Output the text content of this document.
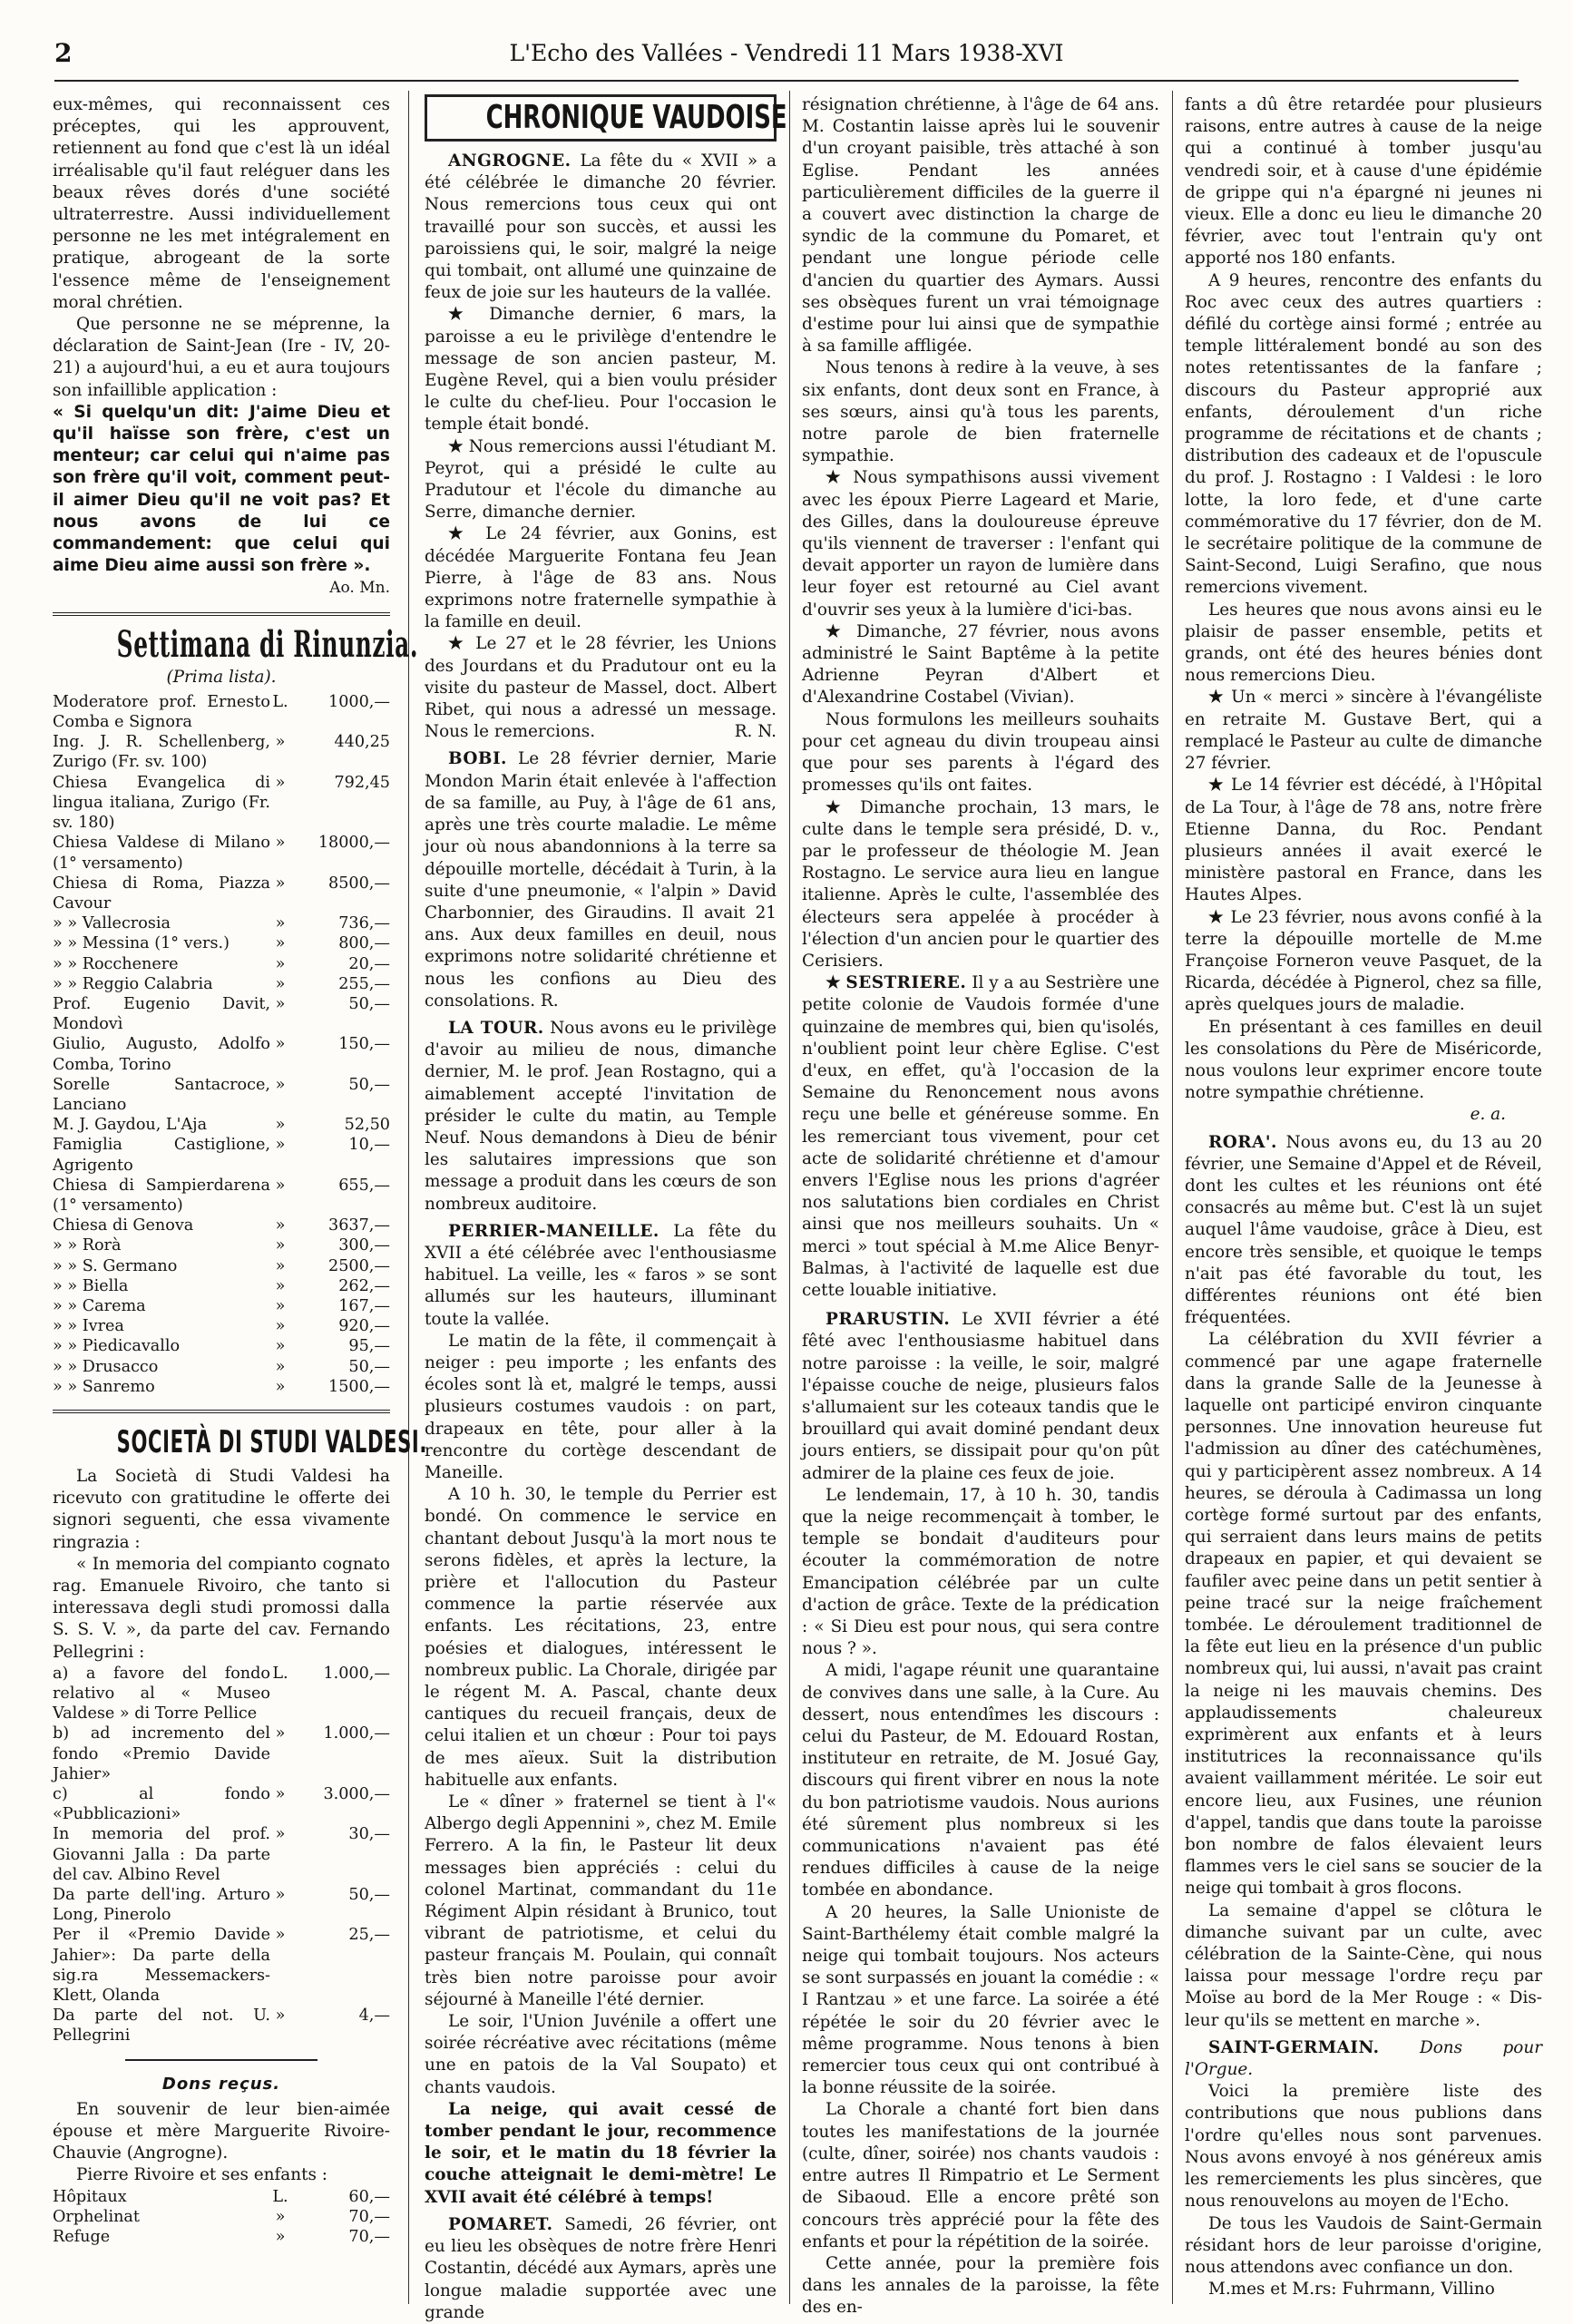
2	L'Echo des Vallées - Vendredi 11 Mars 1938-XVI

eux-mêmes, qui reconnaissent ces préceptes, qui les approuvent, retiennent au fond que c'est là un idéal irréalisable qu'il faut reléguer dans les beaux rêves dorés d'une société ultraterrestre. Aussi individuellement personne ne les met intégralement en pratique, abrogeant de la sorte l'essence même de l'enseignement moral chrétien.

Que personne ne se méprenne, la déclaration de Saint-Jean (Ire - IV, 20-21) a aujourd'hui, a eu et aura toujours son infaillible application :

« Si quelqu'un dit: J'aime Dieu et qu'il haïsse son frère, c'est un menteur; car celui qui n'aime pas son frère qu'il voit, comment peut-il aimer Dieu qu'il ne voit pas? Et nous avons de lui ce commandement: que celui qui aime Dieu aime aussi son frère ».

Ao. Mn.
Settimana di Rinunzia.
(Prima lista).
Moderatore prof. Ernesto Comba e Signora	L.	1000,—
Ing. J. R. Schellenberg, Zurigo (Fr. sv. 100)	»	440,25
Chiesa Evangelica di lingua italiana, Zurigo (Fr. sv. 180)	»	792,45
Chiesa Valdese di Milano (1° versamento)	»	18000,—
Chiesa di Roma, Piazza Cavour	»	8500,—
» » Vallecrosia	»	736,—
» » Messina (1° vers.)	»	800,—
» » Rocchenere	»	20,—
» » Reggio Calabria	»	255,—
Prof. Eugenio Davit, Mondovì	»	50,—
Giulio, Augusto, Adolfo Comba, Torino	»	150,—
Sorelle Santacroce, Lanciano	»	50,—
M. J. Gaydou, L'Aja	»	52,50
Famiglia Castiglione, Agrigento	»	10,—
Chiesa di Sampierdarena (1° versamento)	»	655,—
Chiesa di Genova	»	3637,—
» » Rorà	»	300,—
» » S. Germano	»	2500,—
» » Biella	»	262,—
» » Carema	»	167,—
» » Ivrea	»	920,—
» » Piedicavallo	»	95,—
» » Drusacco	»	50,—
» » Sanremo	»	1500,—
SOCIETÀ DI STUDI VALDESI.

La Società di Studi Valdesi ha ricevuto con gratitudine le offerte dei signori seguenti, che essa vivamente ringrazia :

« In memoria del compianto cognato rag. Emanuele Rivoiro, che tanto si interessava degli studi promossi dalla S. S. V. », da parte del cav. Fernando Pellegrini :

a) a favore del fondo relativo al « Museo Valdese » di Torre Pellice	L.	1.000,—
b) ad incremento del fondo «Premio Davide Jahier»	»	1.000,—
c) al fondo «Pubblicazioni»	»	3.000,—
In memoria del prof. Giovanni Jalla : Da parte del cav. Albino Revel	»	30,—
Da parte dell'ing. Arturo Long, Pinerolo	»	50,—
Per il «Premio Davide Jahier»: Da parte della sig.ra Messemackers-Klett, Olanda	»	25,—
Da parte del not. U. Pellegrini	»	4,—
Dons reçus.

En souvenir de leur bien-aimée épouse et mère Marguerite Rivoire-Chauvie (Angrogne).

Pierre Rivoire et ses enfants :

Hôpitaux	L.	60,—
Orphelinat	»	70,—
Refuge	»	70,—
CHRONIQUE VAUDOISE

ANGROGNE. La fête du « XVII » a été célébrée le dimanche 20 février. Nous remercions tous ceux qui ont travaillé pour son succès, et aussi les paroissiens qui, le soir, malgré la neige qui tombait, ont allumé une quinzaine de feux de joie sur les hauteurs de la vallée.

★ Dimanche dernier, 6 mars, la paroisse a eu le privilège d'entendre le message de son ancien pasteur, M. Eugène Revel, qui a bien voulu présider le culte du chef-lieu. Pour l'occasion le temple était bondé.

★ Nous remercions aussi l'étudiant M. Peyrot, qui a présidé le culte au Pradutour et l'école du dimanche au Serre, dimanche dernier.

★ Le 24 février, aux Gonins, est décédée Marguerite Fontana feu Jean Pierre, à l'âge de 83 ans. Nous exprimons notre fraternelle sympathie à la famille en deuil.

★ Le 27 et le 28 février, les Unions des Jourdans et du Pradutour ont eu la visite du pasteur de Massel, doct. Albert Ribet, qui nous a adressé un message. Nous le remercions.	R. N.

BOBI. Le 28 février dernier, Marie Mondon Marin était enlevée à l'affection de sa famille, au Puy, à l'âge de 61 ans, après une très courte maladie. Le même jour où nous abandonnions à la terre sa dépouille mortelle, décédait à Turin, à la suite d'une pneumonie, « l'alpin » David Charbonnier, des Giraudins. Il avait 21 ans. Aux deux familles en deuil, nous exprimons notre solidarité chrétienne et nous les confions au Dieu des consolations. R.

LA TOUR. Nous avons eu le privilège d'avoir au milieu de nous, dimanche dernier, M. le prof. Jean Rostagno, qui a aimablement accepté l'invitation de présider le culte du matin, au Temple Neuf. Nous demandons à Dieu de bénir les salutaires impressions que son message a produit dans les cœurs de son nombreux auditoire.

PERRIER-MANEILLE. La fête du XVII a été célébrée avec l'enthousiasme habituel. La veille, les « faros » se sont allumés sur les hauteurs, illuminant toute la vallée.

Le matin de la fête, il commençait à neiger : peu importe ; les enfants des écoles sont là et, malgré le temps, aussi plusieurs costumes vaudois : on part, drapeaux en tête, pour aller à la rencontre du cortège descendant de Maneille.

A 10 h. 30, le temple du Perrier est bondé. On commence le service en chantant debout Jusqu'à la mort nous te serons fidèles, et après la lecture, la prière et l'allocution du Pasteur commence la partie réservée aux enfants. Les récitations, 23, entre poésies et dialogues, intéressent le nombreux public. La Chorale, dirigée par le régent M. A. Pascal, chante deux cantiques du recueil français, deux de celui italien et un chœur : Pour toi pays de mes aïeux. Suit la distribution habituelle aux enfants.

Le « dîner » fraternel se tient à l'« Albergo degli Appennini », chez M. Emile Ferrero. A la fin, le Pasteur lit deux messages bien appréciés : celui du colonel Martinat, commandant du 11e Régiment Alpin résidant à Brunico, tout vibrant de patriotisme, et celui du pasteur français M. Poulain, qui connaît très bien notre paroisse pour avoir séjourné à Maneille l'été dernier.

Le soir, l'Union Juvénile a offert une soirée récréative avec récitations (même une en patois de la Val Soupato) et chants vaudois.

La neige, qui avait cessé de tomber pendant le jour, recommence le soir, et le matin du 18 février la couche atteignait le demi-mètre! Le XVII avait été célébré à temps!

POMARET. Samedi, 26 février, ont eu lieu les obsèques de notre frère Henri Costantin, décédé aux Aymars, après une longue maladie supportée avec une grande

résignation chrétienne, à l'âge de 64 ans. M. Costantin laisse après lui le souvenir d'un croyant paisible, très attaché à son Eglise. Pendant les années particulièrement difficiles de la guerre il a couvert avec distinction la charge de syndic de la commune du Pomaret, et pendant une longue période celle d'ancien du quartier des Aymars. Aussi ses obsèques furent un vrai témoignage d'estime pour lui ainsi que de sympathie à sa famille affligée.

Nous tenons à redire à la veuve, à ses six enfants, dont deux sont en France, à ses sœurs, ainsi qu'à tous les parents, notre parole de bien fraternelle sympathie.

★ Nous sympathisons aussi vivement avec les époux Pierre Lageard et Marie, des Gilles, dans la douloureuse épreuve qu'ils viennent de traverser : l'enfant qui devait apporter un rayon de lumière dans leur foyer est retourné au Ciel avant d'ouvrir ses yeux à la lumière d'ici-bas.

★ Dimanche, 27 février, nous avons administré le Saint Baptême à la petite Adrienne Peyran d'Albert et d'Alexandrine Costabel (Vivian).

Nous formulons les meilleurs souhaits pour cet agneau du divin troupeau ainsi que pour ses parents à l'égard des promesses qu'ils ont faites.

★ Dimanche prochain, 13 mars, le culte dans le temple sera présidé, D. v., par le professeur de théologie M. Jean Rostagno. Le service aura lieu en langue italienne. Après le culte, l'assemblée des électeurs sera appelée à procéder à l'élection d'un ancien pour le quartier des Cerisiers.

★ SESTRIERE. Il y a au Sestrière une petite colonie de Vaudois formée d'une quinzaine de membres qui, bien qu'isolés, n'oublient point leur chère Eglise. C'est d'eux, en effet, qu'à l'occasion de la Semaine du Renoncement nous avons reçu une belle et généreuse somme. En les remerciant tous vivement, pour cet acte de solidarité chrétienne et d'amour envers l'Eglise nous les prions d'agréer nos salutations bien cordiales en Christ ainsi que nos meilleurs souhaits. Un « merci » tout spécial à M.me Alice Benyr-Balmas, à l'activité de laquelle est due cette louable initiative.

PRARUSTIN. Le XVII février a été fêté avec l'enthousiasme habituel dans notre paroisse : la veille, le soir, malgré l'épaisse couche de neige, plusieurs falos s'allumaient sur les coteaux tandis que le brouillard qui avait dominé pendant deux jours entiers, se dissipait pour qu'on pût admirer de la plaine ces feux de joie.

Le lendemain, 17, à 10 h. 30, tandis que la neige recommençait à tomber, le temple se bondait d'auditeurs pour écouter la commémoration de notre Emancipation célébrée par un culte d'action de grâce. Texte de la prédication : « Si Dieu est pour nous, qui sera contre nous ? ».

A midi, l'agape réunit une quarantaine de convives dans une salle, à la Cure. Au dessert, nous entendîmes les discours : celui du Pasteur, de M. Edouard Rostan, instituteur en retraite, de M. Josué Gay, discours qui firent vibrer en nous la note du bon patriotisme vaudois. Nous aurions été sûrement plus nombreux si les communications n'avaient pas été rendues difficiles à cause de la neige tombée en abondance.

A 20 heures, la Salle Unioniste de Saint-Barthélemy était comble malgré la neige qui tombait toujours. Nos acteurs se sont surpassés en jouant la comédie : « I Rantzau » et une farce. La soirée a été répétée le soir du 20 février avec le même programme. Nous tenons à bien remercier tous ceux qui ont contribué à la bonne réussite de la soirée.

La Chorale a chanté fort bien dans toutes les manifestations de la journée (culte, dîner, soirée) nos chants vaudois : entre autres Il Rimpatrio et Le Serment de Sibaoud. Elle a encore prêté son concours très apprécié pour la fête des enfants et pour la répétition de la soirée.

Cette année, pour la première fois dans les annales de la paroisse, la fête des en-

fants a dû être retardée pour plusieurs raisons, entre autres à cause de la neige qui a continué à tomber jusqu'au vendredi soir, et à cause d'une épidémie de grippe qui n'a épargné ni jeunes ni vieux. Elle a donc eu lieu le dimanche 20 février, avec tout l'entrain qu'y ont apporté nos 180 enfants.

A 9 heures, rencontre des enfants du Roc avec ceux des autres quartiers : défilé du cortège ainsi formé ; entrée au temple littéralement bondé au son des notes retentissantes de la fanfare ; discours du Pasteur approprié aux enfants, déroulement d'un riche programme de récitations et de chants ; distribution des cadeaux et de l'opuscule du prof. J. Rostagno : I Valdesi : le loro lotte, la loro fede, et d'une carte commémorative du 17 février, don de M. le secrétaire politique de la commune de Saint-Second, Luigi Serafino, que nous remercions vivement.

Les heures que nous avons ainsi eu le plaisir de passer ensemble, petits et grands, ont été des heures bénies dont nous remercions Dieu.

★ Un « merci » sincère à l'évangéliste en retraite M. Gustave Bert, qui a remplacé le Pasteur au culte de dimanche 27 février.

★ Le 14 février est décédé, à l'Hôpital de La Tour, à l'âge de 78 ans, notre frère Etienne Danna, du Roc. Pendant plusieurs années il avait exercé le ministère pastoral en France, dans les Hautes Alpes.

★ Le 23 février, nous avons confié à la terre la dépouille mortelle de M.me Françoise Forneron veuve Pasquet, de la Ricarda, décédée à Pignerol, chez sa fille, après quelques jours de maladie.

En présentant à ces familles en deuil les consolations du Père de Miséricorde, nous voulons leur exprimer encore toute notre sympathie chrétienne.

e. a.

RORA'. Nous avons eu, du 13 au 20 février, une Semaine d'Appel et de Réveil, dont les cultes et les réunions ont été consacrés au même but. C'est là un sujet auquel l'âme vaudoise, grâce à Dieu, est encore très sensible, et quoique le temps n'ait pas été favorable du tout, les différentes réunions ont été bien fréquentées.

La célébration du XVII février a commencé par une agape fraternelle dans la grande Salle de la Jeunesse à laquelle ont participé environ cinquante personnes. Une innovation heureuse fut l'admission au dîner des catéchumènes, qui y participèrent assez nombreux. A 14 heures, se déroula à Cadimassa un long cortège formé surtout par des enfants, qui serraient dans leurs mains de petits drapeaux en papier, et qui devaient se faufiler avec peine dans un petit sentier à peine tracé sur la neige fraîchement tombée. Le déroulement traditionnel de la fête eut lieu en la présence d'un public nombreux qui, lui aussi, n'avait pas craint la neige ni les mauvais chemins. Des applaudissements chaleureux exprimèrent aux enfants et à leurs institutrices la reconnaissance qu'ils avaient vaillamment méritée. Le soir eut encore lieu, aux Fusines, une réunion d'appel, tandis que dans toute la paroisse bon nombre de falos élevaient leurs flammes vers le ciel sans se soucier de la neige qui tombait à gros flocons.

La semaine d'appel se clôtura le dimanche suivant par un culte, avec célébration de la Sainte-Cène, qui nous laissa pour message l'ordre reçu par Moïse au bord de la Mer Rouge : « Dis-leur qu'ils se mettent en marche ».

SAINT-GERMAIN. Dons pour l'Orgue.

Voici la première liste des contributions que nous publions dans l'ordre qu'elles nous sont parvenues. Nous avons envoyé à nos généreux amis les remerciements les plus sincères, que nous renouvelons au moyen de l'Echo.

De tous les Vaudois de Saint-Germain résidant hors de leur paroisse d'origine, nous attendons avec confiance un don.

M.mes et M.rs: Fuhrmann, Villino
